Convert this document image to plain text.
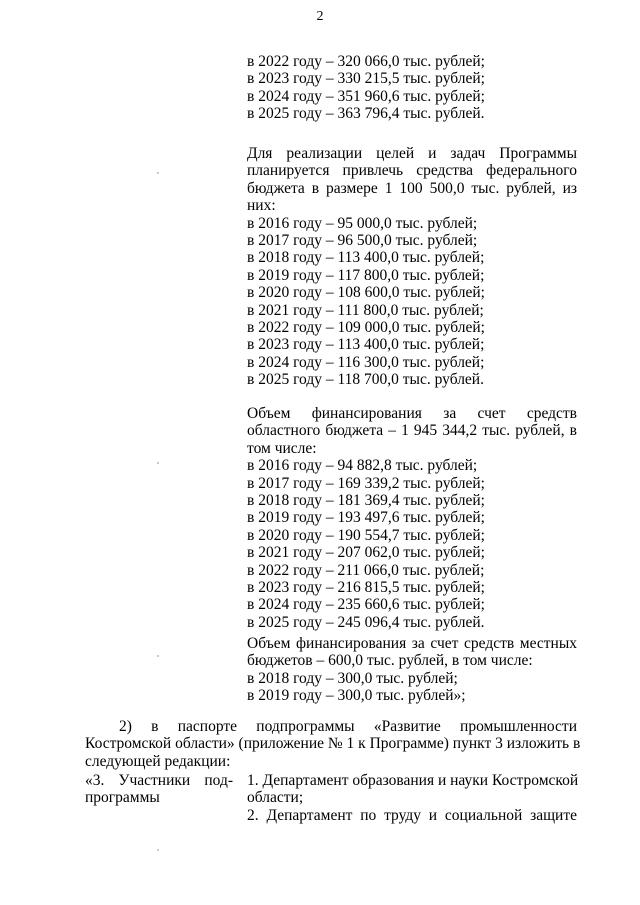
2
в 2022 году – 320 066,0 тыс. рублей;
в 2023 году – 330 215,5 тыс. рублей;
в 2024 году – 351 960,6 тыс. рублей;
в 2025 году – 363 796,4 тыс. рублей.
Для реализации целей и задач Программы
планируется привлечь средства федерального
бюджета в размере 1 100 500,0 тыс. рублей, из
них:
в 2016 году – 95 000,0 тыс. рублей;
в 2017 году – 96 500,0 тыс. рублей;
в 2018 году – 113 400,0 тыс. рублей;
в 2019 году – 117 800,0 тыс. рублей;
в 2020 году – 108 600,0 тыс. рублей;
в 2021 году – 111 800,0 тыс. рублей;
в 2022 году – 109 000,0 тыс. рублей;
в 2023 году – 113 400,0 тыс. рублей;
в 2024 году – 116 300,0 тыс. рублей;
в 2025 году – 118 700,0 тыс. рублей.
Объем финансирования за счет средств
областного бюджета – 1 945 344,2 тыс. рублей, в
том числе:
в 2016 году – 94 882,8 тыс. рублей;
в 2017 году – 169 339,2 тыс. рублей;
в 2018 году – 181 369,4 тыс. рублей;
в 2019 году – 193 497,6 тыс. рублей;
в 2020 году – 190 554,7 тыс. рублей;
в 2021 году – 207 062,0 тыс. рублей;
в 2022 году – 211 066,0 тыс. рублей;
в 2023 году – 216 815,5 тыс. рублей;
в 2024 году – 235 660,6 тыс. рублей;
в 2025 году – 245 096,4 тыс. рублей.
Объем финансирования за счет средств местных
бюджетов – 600,0 тыс. рублей, в том числе:
в 2018 году – 300,0 тыс. рублей;
в 2019 году – 300,0 тыс. рублей»;
2) в паспорте подпрограммы «Развитие промышленности
Костромской области» (приложение № 1 к Программе) пункт 3 изложить в
следующей редакции:
«3. Участники под-
программы
1. Департамент образования и науки Костромской
области;
2. Департамент по труду и социальной защите
